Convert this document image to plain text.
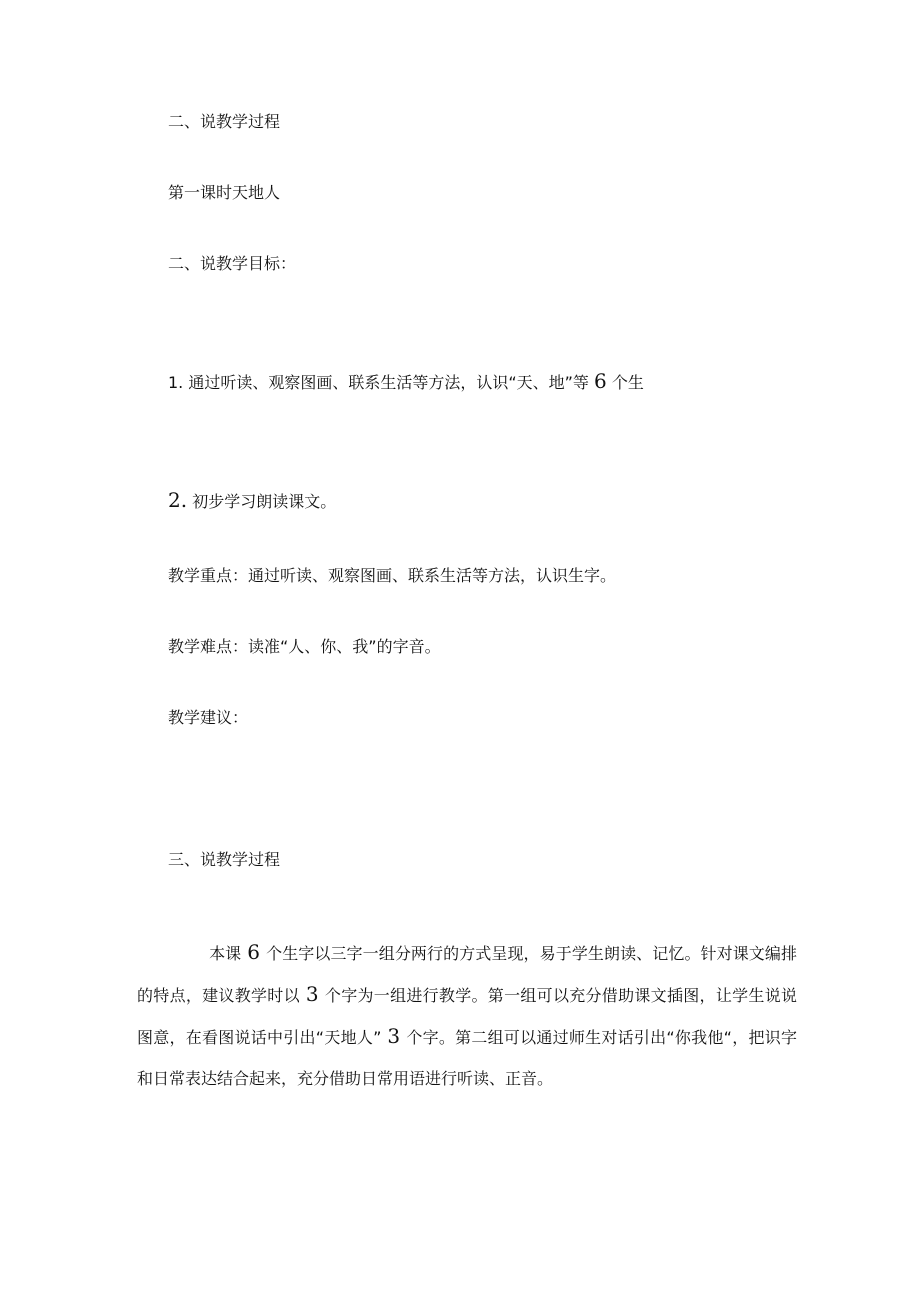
二、说教学过程
第一课时天地人
二、说教学目标：
1. 通过听读、观察图画、联系生活等方法，认识“天、地”等 6 个生
2. 初步学习朗读课文。
教学重点：通过听读、观察图画、联系生活等方法，认识生字。
教学难点：读准“人、你、我”的字音。
教学建议：
三、说教学过程

本课 6 个生字以三字一组分两行的方式呈现，易于学生朗读、记忆。针对课文编排的特点，建议教学时以 3 个字为一组进行教学。第一组可以充分借助课文插图，让学生说说图意，在看图说话中引出“天地人” 3 个字。第二组可以通过师生对话引出“你我他“，把识字和日常表达结合起来，充分借助日常用语进行听读、正音。
